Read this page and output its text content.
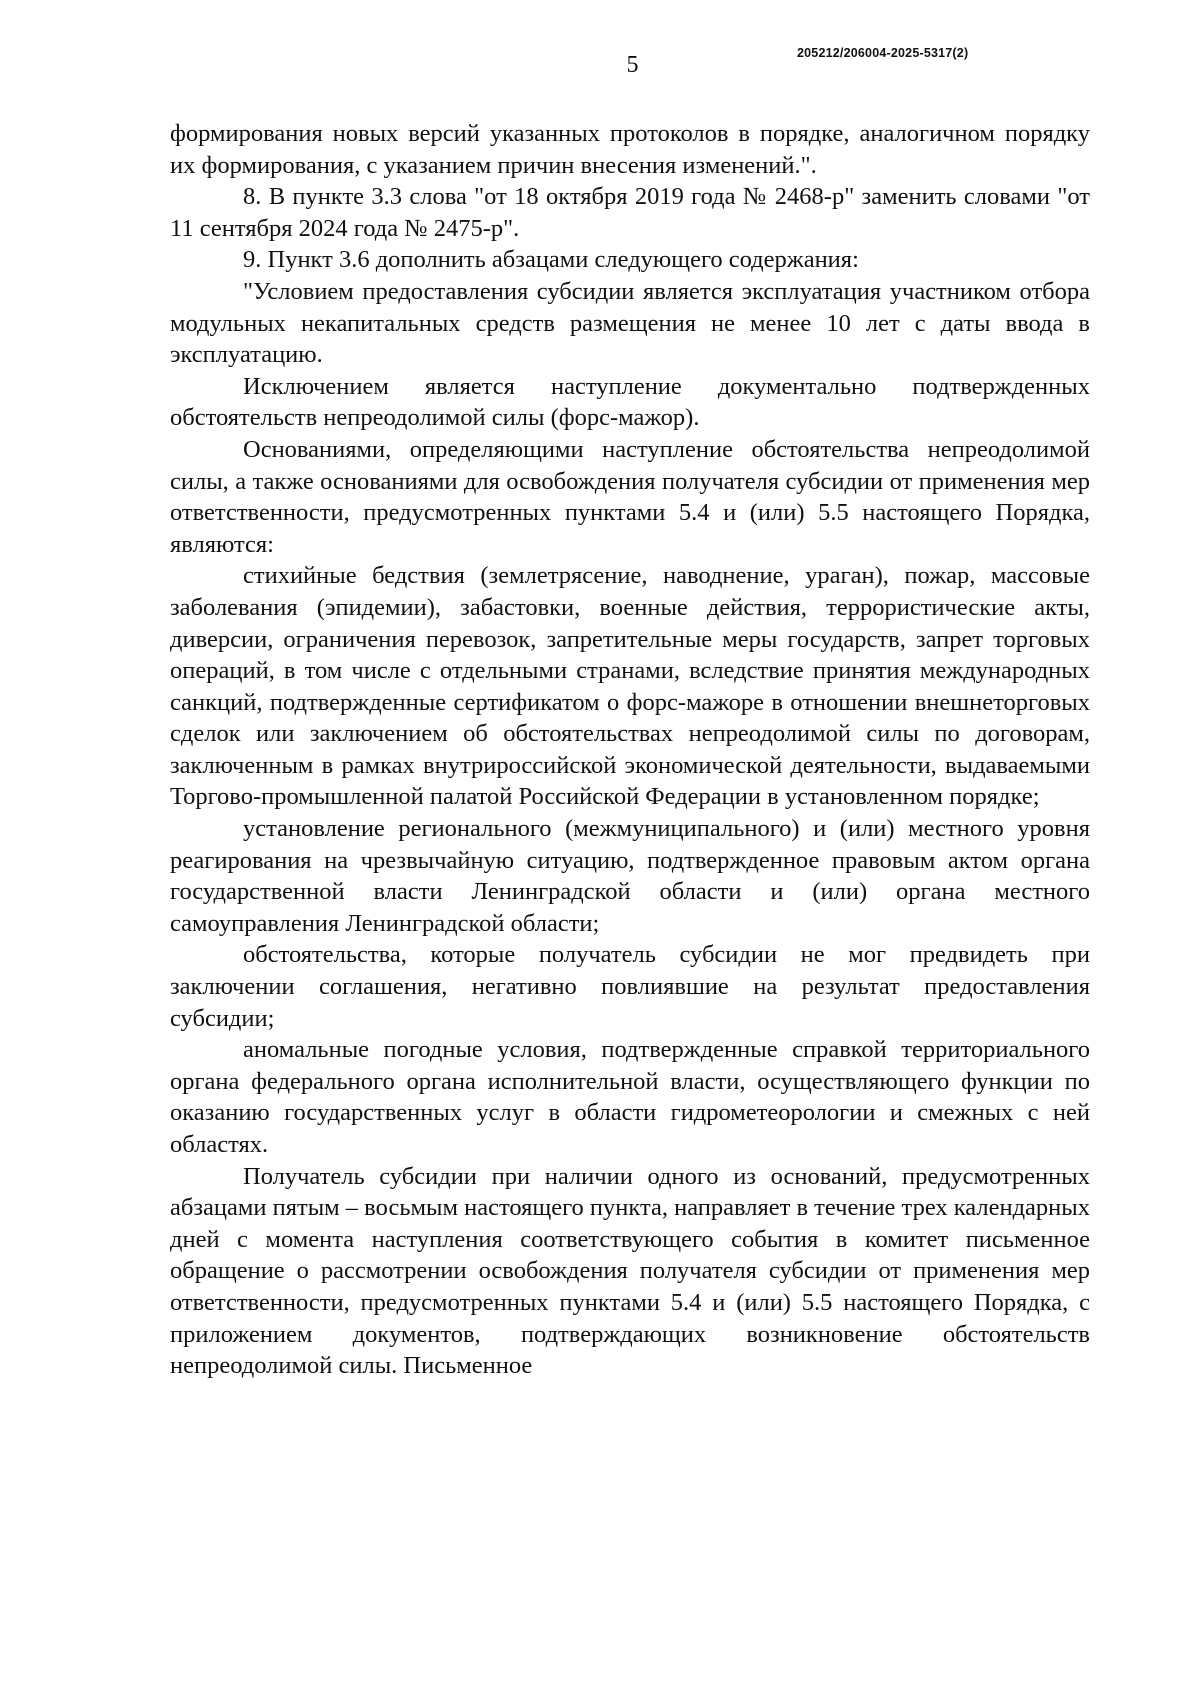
5	205212/206004-2025-5317(2)

формирования новых версий указанных протоколов в порядке, аналогичном порядку их формирования, с указанием причин внесения изменений.".

8. В пункте 3.3 слова "от 18 октября 2019 года № 2468-р" заменить словами "от 11 сентября 2024 года № 2475-р".

9. Пункт 3.6 дополнить абзацами следующего содержания:

"Условием предоставления субсидии является эксплуатация участником отбора модульных некапитальных средств размещения не менее 10 лет с даты ввода в эксплуатацию.

Исключением является наступление документально подтвержденных обстоятельств непреодолимой силы (форс-мажор).

Основаниями, определяющими наступление обстоятельства непреодолимой силы, а также основаниями для освобождения получателя субсидии от применения мер ответственности, предусмотренных пунктами 5.4 и (или) 5.5 настоящего Порядка, являются:

стихийные бедствия (землетрясение, наводнение, ураган), пожар, массовые заболевания (эпидемии), забастовки, военные действия, террористические акты, диверсии, ограничения перевозок, запретительные меры государств, запрет торговых операций, в том числе с отдельными странами, вследствие принятия международных санкций, подтвержденные сертификатом о форс-мажоре в отношении внешнеторговых сделок или заключением об обстоятельствах непреодолимой силы по договорам, заключенным в рамках внутрироссийской экономической деятельности, выдаваемыми Торгово-промышленной палатой Российской Федерации в установленном порядке;

установление регионального (межмуниципального) и (или) местного уровня реагирования на чрезвычайную ситуацию, подтвержденное правовым актом органа государственной власти Ленинградской области и (или) органа местного самоуправления Ленинградской области;

обстоятельства, которые получатель субсидии не мог предвидеть при заключении соглашения, негативно повлиявшие на результат предоставления субсидии;

аномальные погодные условия, подтвержденные справкой территориального органа федерального органа исполнительной власти, осуществляющего функции по оказанию государственных услуг в области гидрометеорологии и смежных с ней областях.

Получатель субсидии при наличии одного из оснований, предусмотренных абзацами пятым – восьмым настоящего пункта, направляет в течение трех календарных дней с момента наступления соответствующего события в комитет письменное обращение о рассмотрении освобождения получателя субсидии от применения мер ответственности, предусмотренных пунктами 5.4 и (или) 5.5 настоящего Порядка, с приложением документов, подтверждающих возникновение обстоятельств непреодолимой силы. Письменное
